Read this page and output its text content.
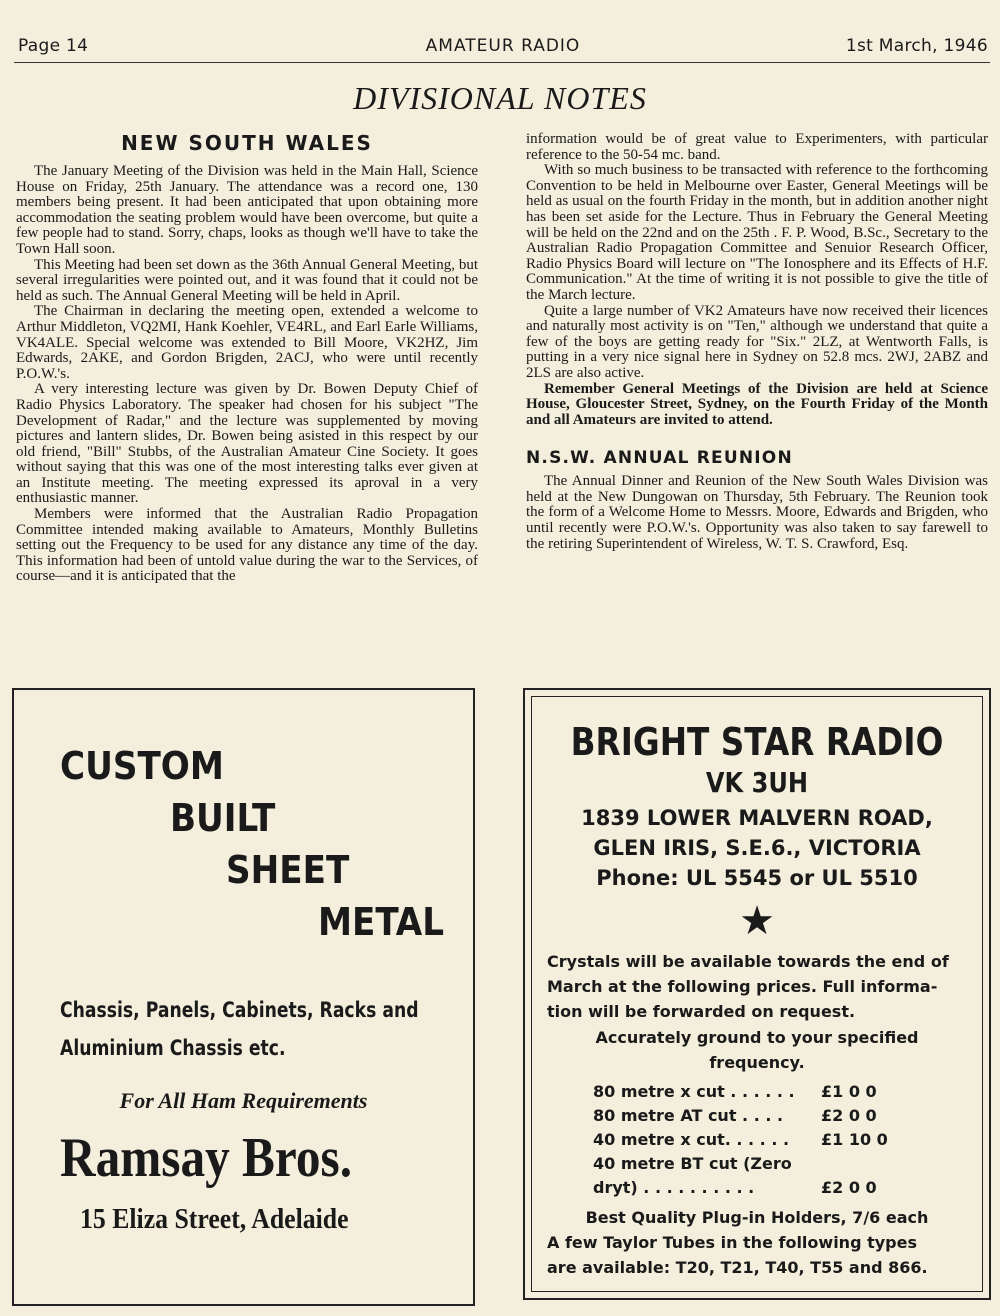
Page 14	AMATEUR RADIO	1st March, 1946
DIVISIONAL NOTES
NEW SOUTH WALES

The January Meeting of the Division was held in the Main Hall, Science House on Friday, 25th January. The attendance was a record one, 130 members being present. It had been anticipated that upon obtaining more accommodation the seating problem would have been overcome, but quite a few people had to stand. Sorry, chaps, looks as though we'll have to take the Town Hall soon.

This Meeting had been set down as the 36th Annual General Meeting, but several irregularities were pointed out, and it was found that it could not be held as such. The Annual General Meeting will be held in April.

The Chairman in declaring the meeting open, extended a welcome to Arthur Middleton, VQ2MI, Hank Koehler, VE4RL, and Earl Earle Williams, VK4ALE. Special welcome was extended to Bill Moore, VK2HZ, Jim Edwards, 2AKE, and Gordon Brigden, 2ACJ, who were until recently P.O.W.'s.

A very interesting lecture was given by Dr. Bowen Deputy Chief of Radio Physics Laboratory. The speaker had chosen for his subject "The Development of Radar," and the lecture was supplemented by moving pictures and lantern slides, Dr. Bowen being asisted in this respect by our old friend, "Bill" Stubbs, of the Australian Amateur Cine Society. It goes without saying that this was one of the most interesting talks ever given at an Institute meeting. The meeting expressed its aproval in a very enthusiastic manner.

Members were informed that the Australian Radio Propagation Committee intended making available to Amateurs, Monthly Bulletins setting out the Frequency to be used for any distance any time of the day. This information had been of untold value during the war to the Services, of course—and it is anticipated that the

information would be of great value to Experimenters, with particular reference to the 50-54 mc. band.

With so much business to be transacted with reference to the forthcoming Convention to be held in Melbourne over Easter, General Meetings will be held as usual on the fourth Friday in the month, but in addition another night has been set aside for the Lecture. Thus in February the General Meeting will be held on the 22nd and on the 25th . F. P. Wood, B.Sc., Secretary to the Australian Radio Propagation Committee and Senuior Research Officer, Radio Physics Board will lecture on "The Ionosphere and its Effects of H.F. Communication." At the time of writing it is not possible to give the title of the March lecture.

Quite a large number of VK2 Amateurs have now received their licences and naturally most activity is on "Ten," although we understand that quite a few of the boys are getting ready for "Six." 2LZ, at Wentworth Falls, is putting in a very nice signal here in Sydney on 52.8 mcs. 2WJ, 2ABZ and 2LS are also active.

Remember General Meetings of the Division are held at Science House, Gloucester Street, Sydney, on the Fourth Friday of the Month and all Amateurs are invited to attend.

N.S.W. ANNUAL REUNION

The Annual Dinner and Reunion of the New South Wales Division was held at the New Dungowan on Thursday, 5th February. The Reunion took the form of a Welcome Home to Messrs. Moore, Edwards and Brigden, who until recently were P.O.W.'s. Opportunity was also taken to say farewell to the retiring Superintendent of Wireless, W. T. S. Crawford, Esq.

CUSTOM
BUILT
SHEET
METAL
Chassis, Panels, Cabinets, Racks and
Aluminium Chassis etc.
For All Ham Requirements
Ramsay Bros.
15 Eliza Street, Adelaide
BRIGHT STAR RADIO
VK 3UH
1839 LOWER MALVERN ROAD,
GLEN IRIS, S.E.6., VICTORIA
Phone: UL 5545 or UL 5510
★
Crystals will be available towards the end of
March at the following prices. Full informa-
tion will be forwarded on request.
Accurately ground to your specified
frequency.
80 metre x cut . . . . . . £1 0 0
80 metre AT cut . . . . £2 0 0
40 metre x cut. . . . . . £1 10 0
40 metre BT cut (Zero
dryt) . . . . . . . . . .	£2 0 0
Best Quality Plug-in Holders, 7/6 each
A few Taylor Tubes in the following types
are available: T20, T21, T40, T55 and 866.
